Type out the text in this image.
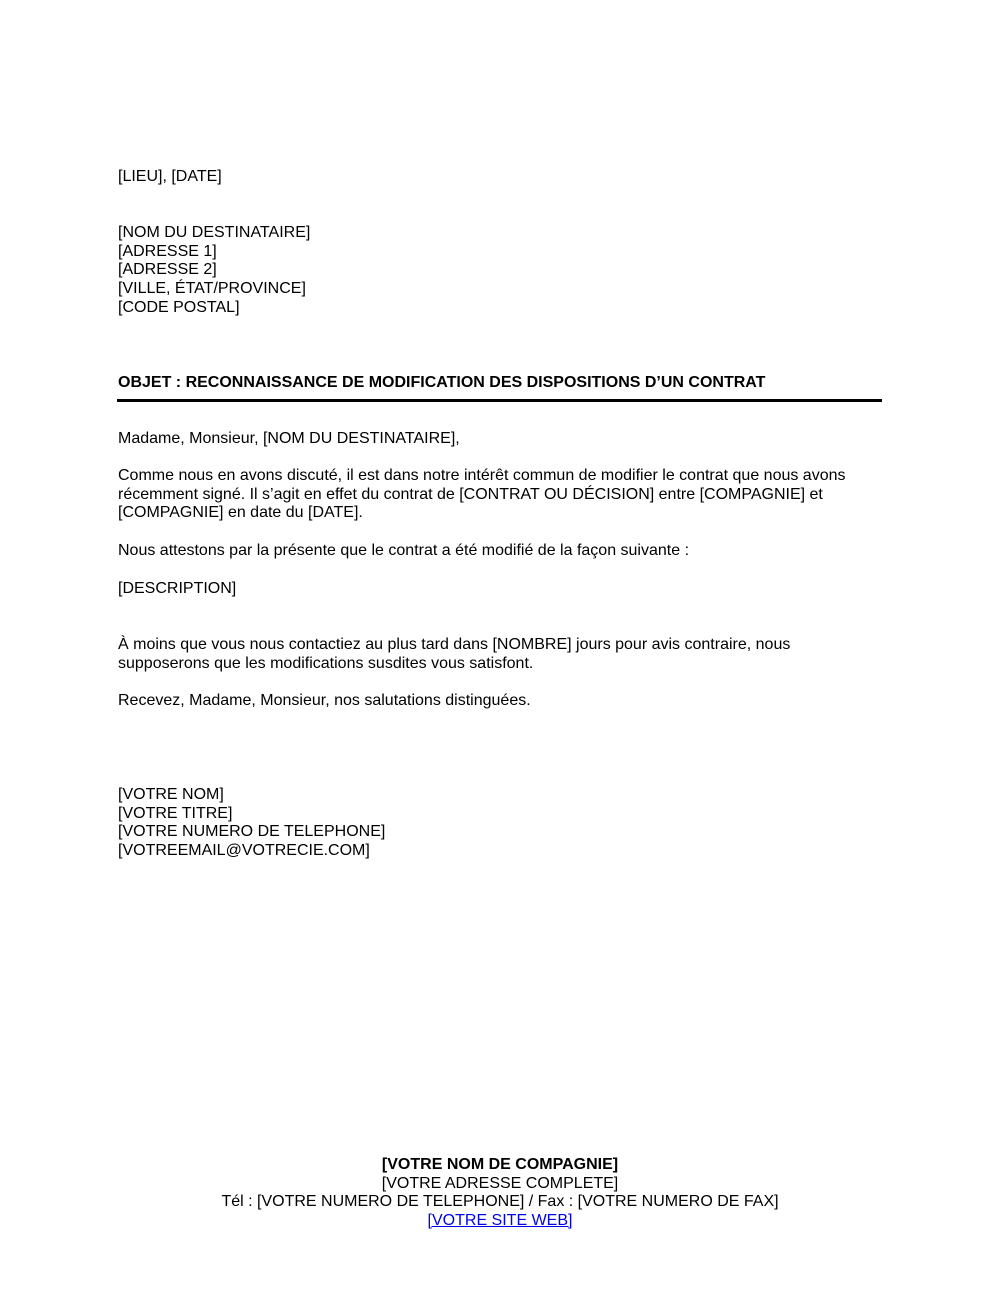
[LIEU], [DATE]
[NOM DU DESTINATAIRE]
[ADRESSE 1]
[ADRESSE 2]
[VILLE, ÉTAT/PROVINCE]
[CODE POSTAL]
OBJET : RECONNAISSANCE DE MODIFICATION DES DISPOSITIONS D’UN CONTRAT
Madame, Monsieur, [NOM DU DESTINATAIRE],
Comme nous en avons discuté, il est dans notre intérêt commun de modifier le contrat que nous avons
récemment signé. Il s’agit en effet du contrat de [CONTRAT OU DÉCISION] entre [COMPAGNIE] et
[COMPAGNIE] en date du [DATE].
Nous attestons par la présente que le contrat a été modifié de la façon suivante :
[DESCRIPTION]
À moins que vous nous contactiez au plus tard dans [NOMBRE] jours pour avis contraire, nous
supposerons que les modifications susdites vous satisfont.
Recevez, Madame, Monsieur, nos salutations distinguées.
[VOTRE NOM]
[VOTRE TITRE]
[VOTRE NUMERO DE TELEPHONE]
[VOTREEMAIL@VOTRECIE.COM]
[VOTRE NOM DE COMPAGNIE]
[VOTRE ADRESSE COMPLETE]
Tél : [VOTRE NUMERO DE TELEPHONE] / Fax : [VOTRE NUMERO DE FAX]
[VOTRE SITE WEB]
